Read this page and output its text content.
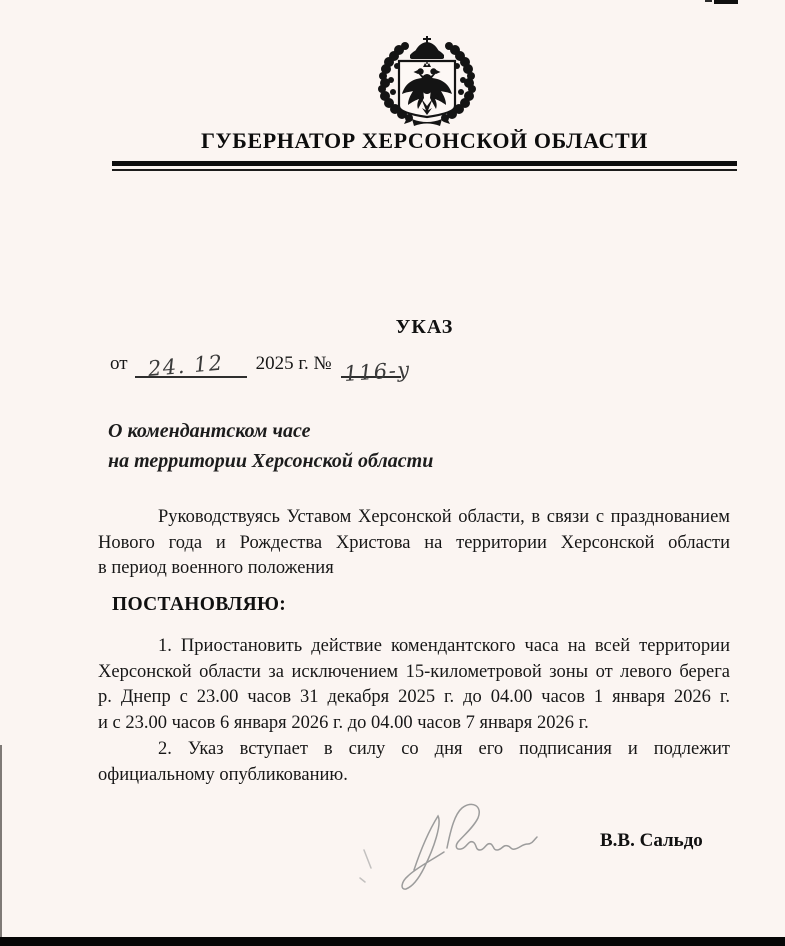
ГУБЕРНАТОР ХЕРСОНСКОЙ ОБЛАСТИ
УКАЗ
от 24. 12 2025 г. № 116-у
О комендантском часе
на территории Херсонской области
Руководствуясь Уставом Херсонской области, в связи с празднованием
Нового года и Рождества Христова на территории Херсонской области
в период военного положения
ПОСТАНОВЛЯЮ:
1. Приостановить действие комендантского часа на всей территории
Херсонской области за исключением 15-километровой зоны от левого берега
р. Днепр с 23.00 часов 31 декабря 2025 г. до 04.00 часов 1 января 2026 г.
и с 23.00 часов 6 января 2026 г. до 04.00 часов 7 января 2026 г.
2. Указ вступает в силу со дня его подписания и подлежит
официальному опубликованию.
В.В. Сальдо
